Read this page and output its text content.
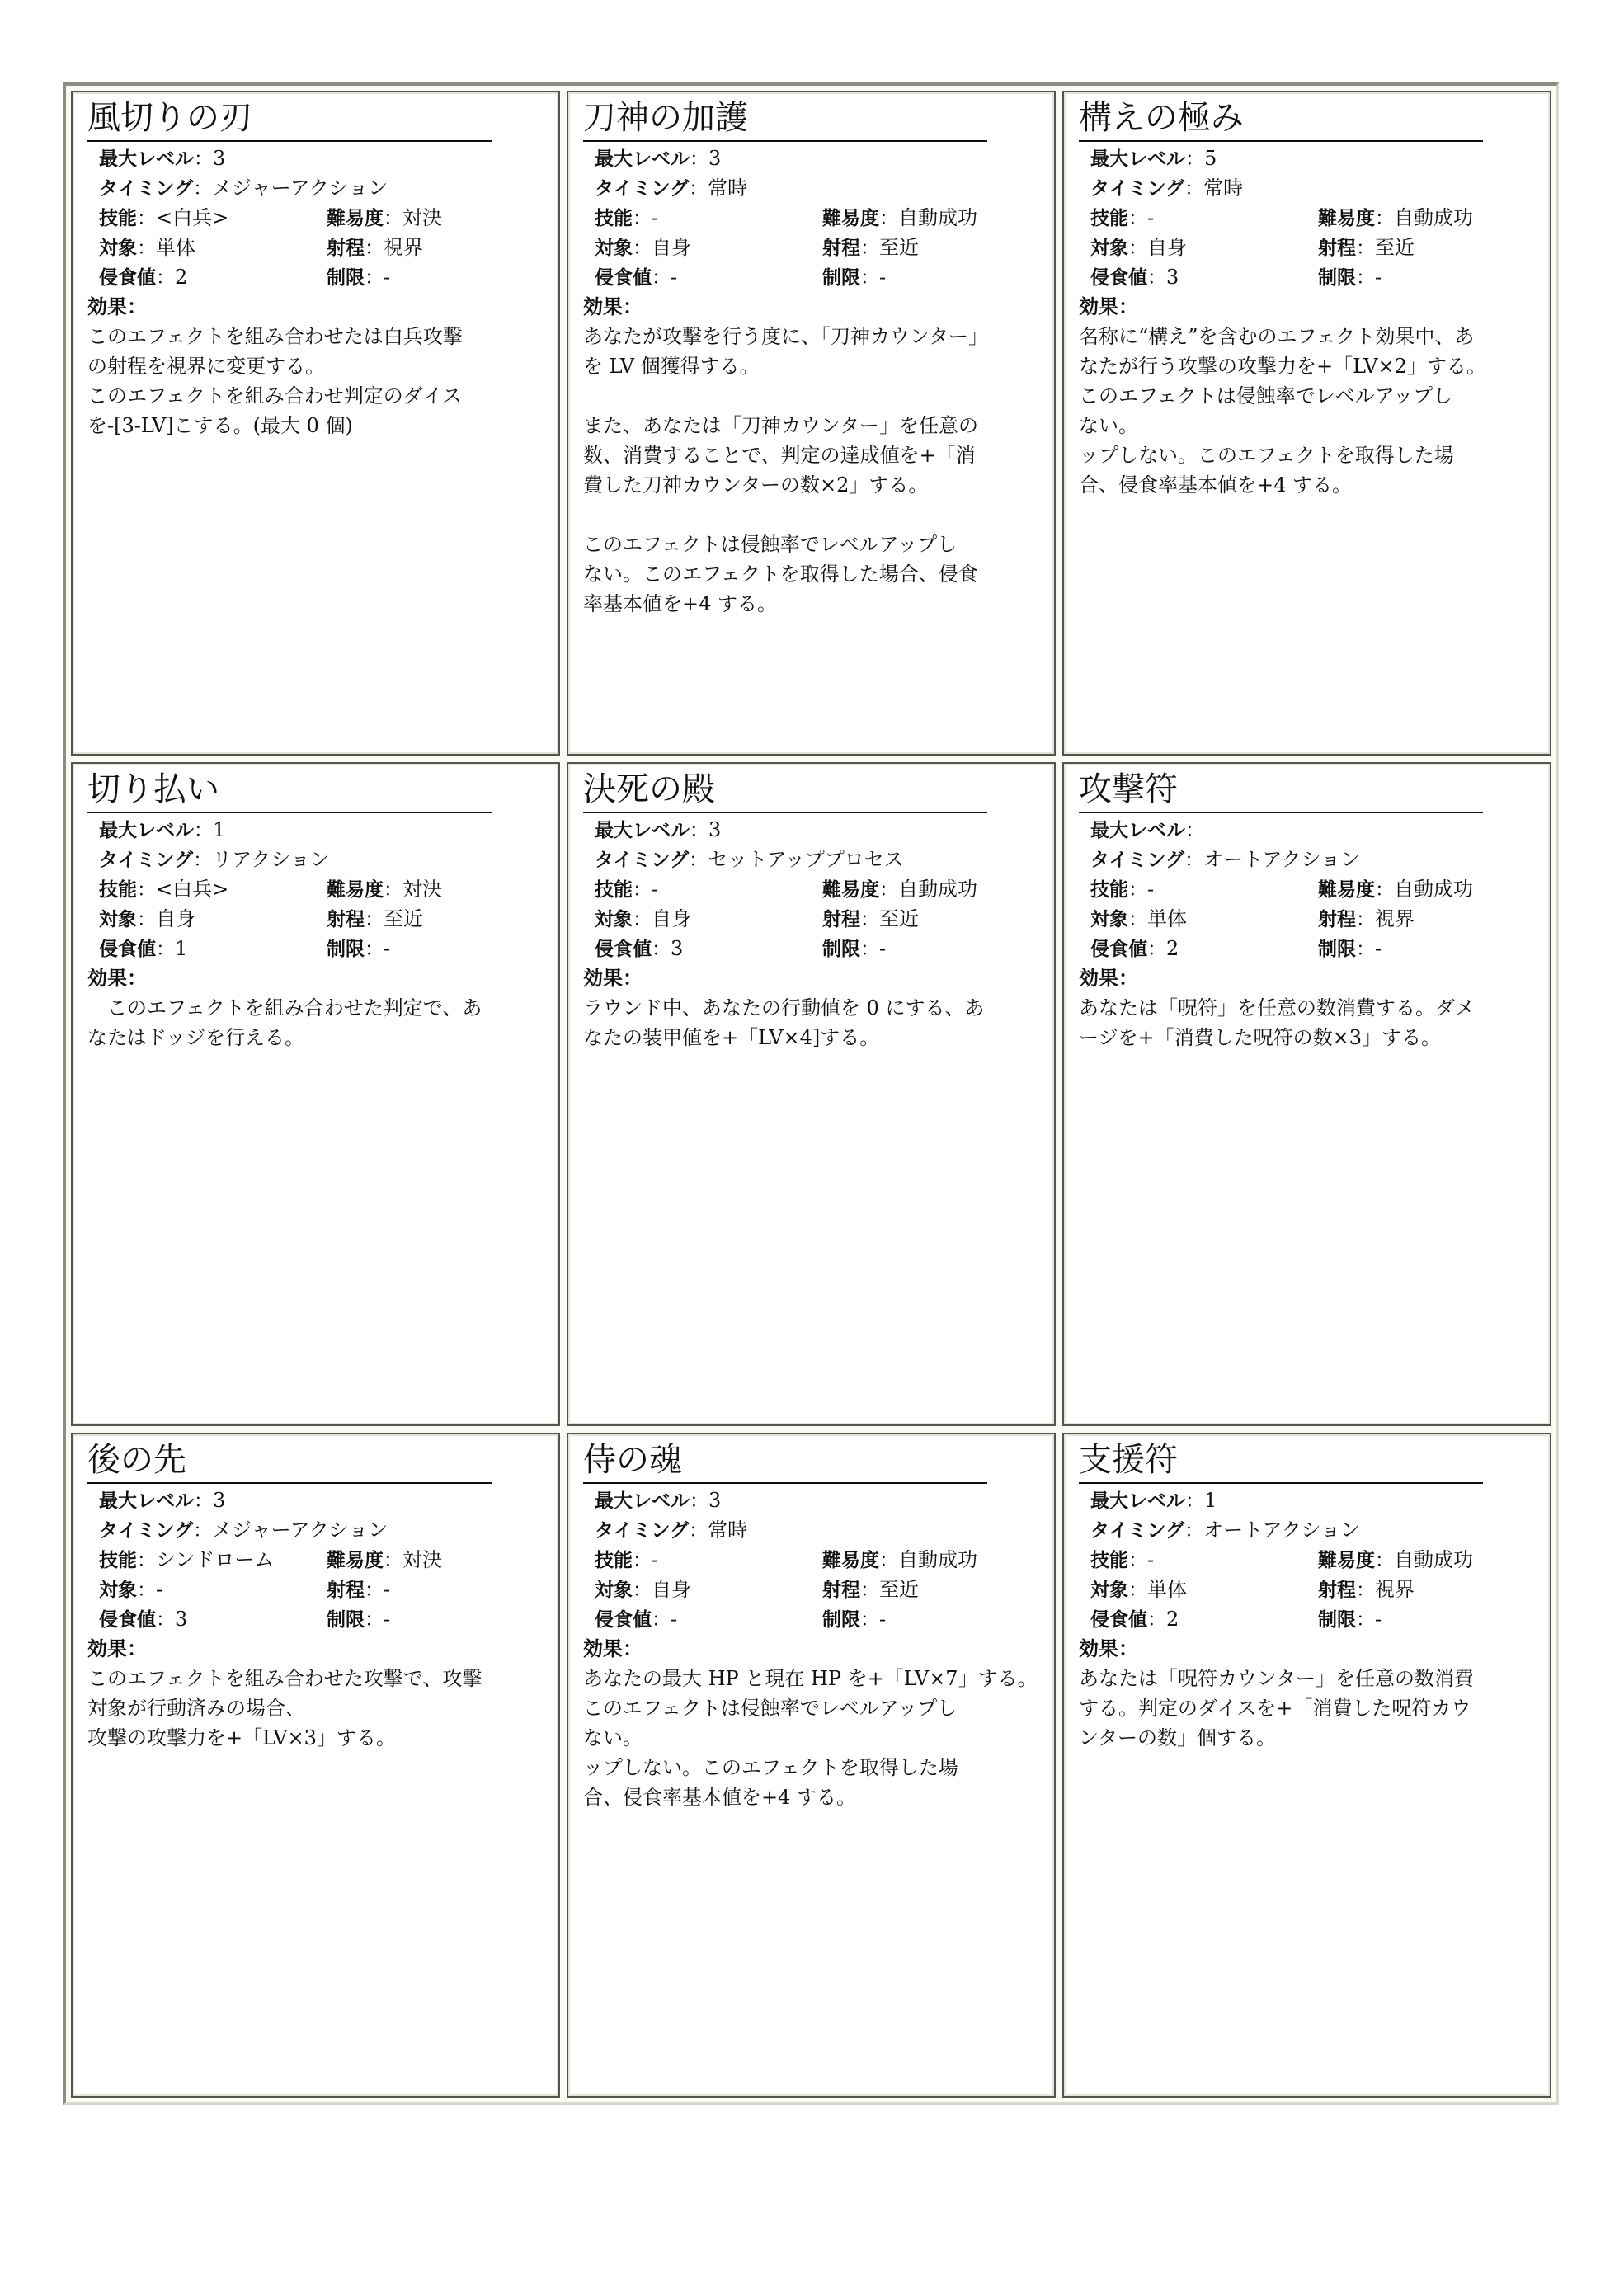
風切りの刃
最大レベル：3
タイミング：メジャーアクション
技能：<白兵>	難易度：対決
対象：単体	射程：視界
侵食値：2	制限：-
効果：

このエフェクトを組み合わせたは白兵攻撃
の射程を視界に変更する。

このエフェクトを組み合わせ判定のダイス
を-[3-LV]こする。(最大 0 個)

刀神の加護
最大レベル：3
タイミング：常時
技能：-	難易度：自動成功
対象：自身	射程：至近
侵食値：-	制限：-
効果：

あなたが攻撃を行う度に、「刀神カウンター」
を LV 個獲得する。

また、あなたは「刀神カウンター」を任意の
数、消費することで、判定の達成値を+「消
費した刀神カウンターの数×2」する。

このエフェクトは侵蝕率でレベルアップし
ない。このエフェクトを取得した場合、侵食
率基本値を+4 する。

構えの極み
最大レベル：5
タイミング：常時
技能：-	難易度：自動成功
対象：自身	射程：至近
侵食値：3	制限：-
効果：

名称に“構え”を含むのエフェクト効果中、あ
なたが行う攻撃の攻撃力を+「LV×2」する。
このエフェクトは侵蝕率でレベルアップし
ない。
ップしない。このエフェクトを取得した場
合、侵食率基本値を+4 する。

切り払い
最大レベル：1
タイミング：リアクション
技能：<白兵>	難易度：対決
対象：自身	射程：至近
侵食値：1	制限：-
効果：

　このエフェクトを組み合わせた判定で、あ
なたはドッジを行える。

決死の殿
最大レベル：3
タイミング：セットアッププロセス
技能：-	難易度：自動成功
対象：自身	射程：至近
侵食値：3	制限：-
効果：

ラウンド中、あなたの行動値を 0 にする、あ
なたの装甲値を+「LV×4]する。

攻撃符
最大レベル：
タイミング：オートアクション
技能：-	難易度：自動成功
対象：単体	射程：視界
侵食値：2	制限：-
効果：

あなたは「呪符」を任意の数消費する。ダメ
ージを+「消費した呪符の数×3」する。

後の先
最大レベル：3
タイミング：メジャーアクション
技能：シンドローム	難易度：対決
対象：-	射程：-
侵食値：3	制限：-
効果：

このエフェクトを組み合わせた攻撃で、攻撃
対象が行動済みの場合、
攻撃の攻撃力を+「LV×3」する。

侍の魂
最大レベル：3
タイミング：常時
技能：-	難易度：自動成功
対象：自身	射程：至近
侵食値：-	制限：-
効果：

あなたの最大 HP と現在 HP を+「LV×7」する。
このエフェクトは侵蝕率でレベルアップし
ない。
ップしない。このエフェクトを取得した場
合、侵食率基本値を+4 する。

支援符
最大レベル：1
タイミング：オートアクション
技能：-	難易度：自動成功
対象：単体	射程：視界
侵食値：2	制限：-
効果：

あなたは「呪符カウンター」を任意の数消費
する。判定のダイスを+「消費した呪符カウ
ンターの数」個する。
